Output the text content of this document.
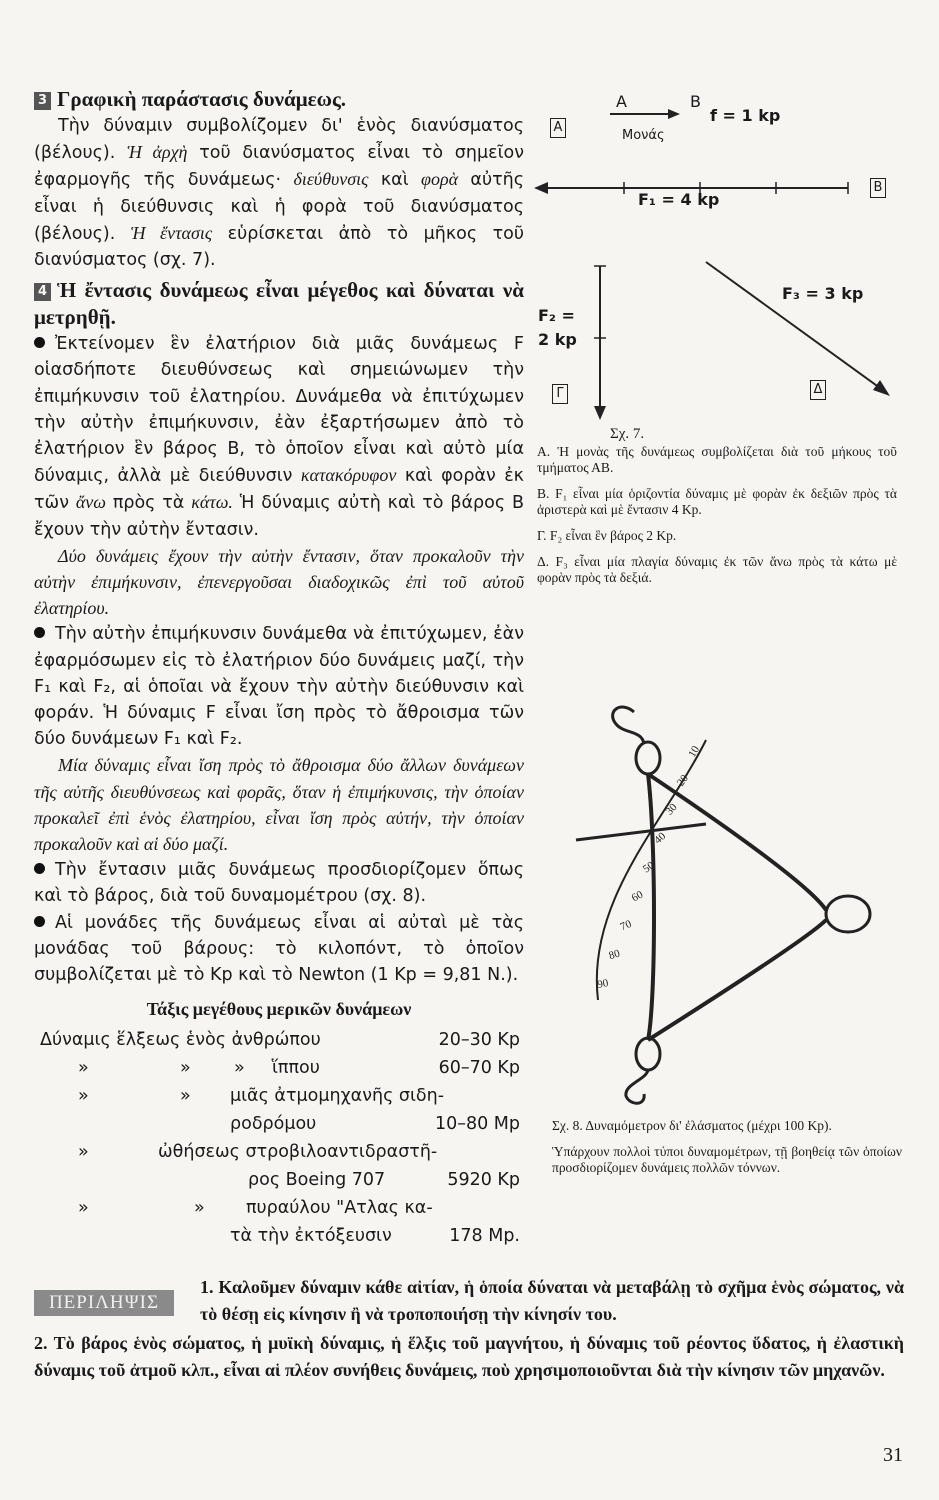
3 Γραφικὴ παράστασις δυνάμεως.

Τὴν δύναμιν συμβολίζομεν δι' ἑνὸς διανύσματος (βέλους). Ἡ ἀρχὴ τοῦ διανύσματος εἶναι τὸ σημεῖον ἐφαρμογῆς τῆς δυνάμεως· διεύθυνσις καὶ φορὰ αὐτῆς εἶναι ἡ διεύθυνσις καὶ ἡ φορὰ τοῦ διανύσματος (βέλους). Ἡ ἔντασις εὑρίσκεται ἀπὸ τὸ μῆκος τοῦ διανύσματος (σχ. 7).

4 Ἡ ἔντασις δυνάμεως εἶναι μέγεθος καὶ δύναται νὰ μετρηθῇ.

Ἐκτείνομεν ἓν ἐλατήριον διὰ μιᾶς δυνάμεως F οἱασδήποτε διευθύνσεως καὶ σημειώνωμεν τὴν ἐπιμήκυνσιν τοῦ ἐλατηρίου. Δυνάμεθα νὰ ἐπιτύχωμεν τὴν αὐτὴν ἐπιμήκυνσιν, ἐὰν ἐξαρτήσωμεν ἀπὸ τὸ ἐλατήριον ἓν βάρος Β, τὸ ὁποῖον εἶναι καὶ αὐτὸ μία δύναμις, ἀλλὰ μὲ διεύθυνσιν κατακόρυφον καὶ φορὰν ἐκ τῶν ἄνω πρὸς τὰ κάτω. Ἡ δύναμις αὐτὴ καὶ τὸ βάρος Β ἔχουν τὴν αὐτὴν ἔντασιν.

Δύο δυνάμεις ἔχουν τὴν αὐτὴν ἔντασιν, ὅταν προκαλοῦν τὴν αὐτὴν ἐπιμήκυνσιν, ἐπενεργοῦσαι διαδοχικῶς ἐπὶ τοῦ αὐτοῦ ἐλατηρίου.

Τὴν αὐτὴν ἐπιμήκυνσιν δυνάμεθα νὰ ἐπιτύχωμεν, ἐὰν ἐφαρμόσωμεν εἰς τὸ ἐλατήριον δύο δυνάμεις μαζί, τὴν F₁ καὶ F₂, αἱ ὁποῖαι νὰ ἔχουν τὴν αὐτὴν διεύθυνσιν καὶ φοράν. Ἡ δύναμις F εἶναι ἴση πρὸς τὸ ἄθροισμα τῶν δύο δυνάμεων F₁ καὶ F₂.

Μία δύναμις εἶναι ἴση πρὸς τὸ ἄθροισμα δύο ἄλλων δυνάμεων τῆς αὐτῆς διευθύνσεως καὶ φορᾶς, ὅταν ἡ ἐπιμήκυνσις, τὴν ὁποίαν προκαλεῖ ἐπὶ ἑνὸς ἐλατηρίου, εἶναι ἴση πρὸς αὐτήν, τὴν ὁποίαν προκαλοῦν καὶ αἱ δύο μαζί.

Τὴν ἔντασιν μιᾶς δυνάμεως προσδιορίζομεν ὅπως καὶ τὸ βάρος, διὰ τοῦ δυναμομέτρου (σχ. 8).

Αἱ μονάδες τῆς δυνάμεως εἶναι αἱ αὐταὶ μὲ τὰς μονάδας τοῦ βάρους: τὸ κιλοπόντ, τὸ ὁποῖον συμβολίζεται μὲ τὸ Kp καὶ τὸ Newton (1 Kp = 9,81 N.).

Τάξις μεγέθους μερικῶν δυνάμεων
Δύναμις ἕλξεως ἑνὸς ἀνθρώπου	20–30 Kp
»	» » ἵππου	60–70 Kp
»	» μιᾶς ἀτμομηχανῆς σιδη-
ροδρόμου	10–80 Mp
»	ὠθήσεως στροβιλοαντιδραστῆ-
ρος Boeing 707	5920 Kp
»	» πυραύλου "Ατλας κα-
τὰ τὴν ἐκτόξευσιν	178 Mp.
A	B
Μονάς
f = 1 kp
A
B
F₁ = 4 kp
F₂ =
2 kp
F₃ = 3 kp
Γ	Δ
Σχ. 7.

Α. Ἡ μονὰς τῆς δυνάμεως συμβολίζεται διὰ τοῦ μήκους τοῦ τμήματος ΑΒ.

Β. F₁ εἶναι μία ὁριζοντία δύναμις μὲ φορὰν ἐκ δεξιῶν πρὸς τὰ ἀριστερὰ καὶ μὲ ἔντασιν 4 Kp.

Γ. F₂ εἶναι ἓν βάρος 2 Kp.

Δ. F₃ εἶναι μία πλαγία δύναμις ἐκ τῶν ἄνω πρὸς τὰ κάτω μὲ φορὰν πρὸς τὰ δεξιά.

10
20
30
40
50
60
70
80
90

Σχ. 8. Δυναμόμετρον δι' ἐλάσματος (μέχρι 100 Kp).

Ὑπάρχουν πολλοὶ τύποι δυναμομέτρων, τῇ βοηθείᾳ τῶν ὁποίων προσδιορίζομεν δυνάμεις πολλῶν τόννων.

ΠΕΡΙΛΗΨΙΣ

1. Καλοῦμεν δύναμιν κάθε αἰτίαν, ἡ ὁποία δύναται νὰ μεταβάλῃ τὸ σχῆμα ἑνὸς σώματος, νὰ τὸ θέσῃ εἰς κίνησιν ἢ νὰ τροποποιήσῃ τὴν κίνησίν του.

2. Τὸ βάρος ἑνὸς σώματος, ἡ μυϊκὴ δύναμις, ἡ ἕλξις τοῦ μαγνήτου, ἡ δύναμις τοῦ ρέοντος ὕδατος, ἡ ἐλαστικὴ δύναμις τοῦ ἀτμοῦ κλπ., εἶναι αἱ πλέον συνήθεις δυνάμεις, ποὺ χρησιμοποιοῦνται διὰ τὴν κίνησιν τῶν μηχανῶν.

31
